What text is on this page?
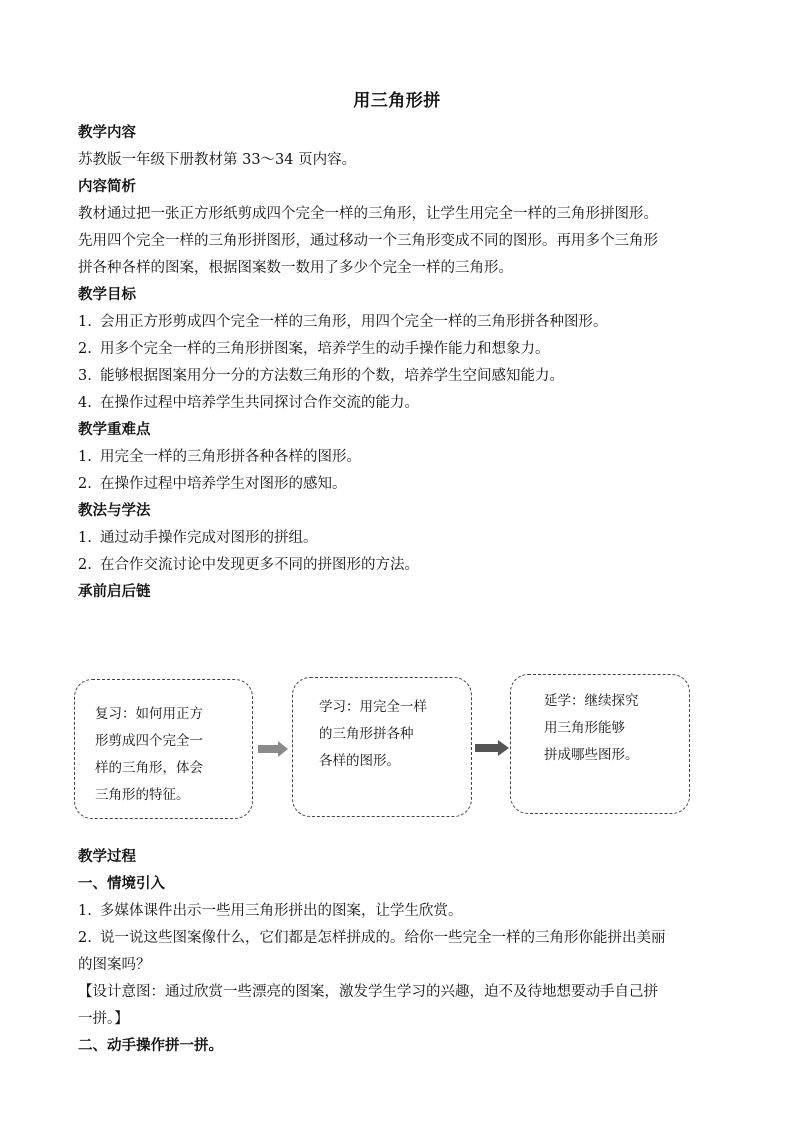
用三角形拼
教学内容
苏教版一年级下册教材第 33～34 页内容。
内容简析
教材通过把一张正方形纸剪成四个完全一样的三角形，让学生用完全一样的三角形拼图形。
先用四个完全一样的三角形拼图形，通过移动一个三角形变成不同的图形。再用多个三角形
拼各种各样的图案，根据图案数一数用了多少个完全一样的三角形。
教学目标
1. 会用正方形剪成四个完全一样的三角形，用四个完全一样的三角形拼各种图形。
2. 用多个完全一样的三角形拼图案，培养学生的动手操作能力和想象力。
3. 能够根据图案用分一分的方法数三角形的个数，培养学生空间感知能力。
4. 在操作过程中培养学生共同探讨合作交流的能力。
教学重难点
1. 用完全一样的三角形拼各种各样的图形。
2. 在操作过程中培养学生对图形的感知。
教法与学法
1. 通过动手操作完成对图形的拼组。
2. 在合作交流讨论中发现更多不同的拼图形的方法。
承前启后链
复习：如何用正方
形剪成四个完全一
样的三角形，体会
三角形的特征。
学习：用完全一样
的三角形拼各种
各样的图形。
延学：继续探究
用三角形能够
拼成哪些图形。
教学过程
一、情境引入
1. 多媒体课件出示一些用三角形拼出的图案，让学生欣赏。
2. 说一说这些图案像什么，它们都是怎样拼成的。给你一些完全一样的三角形你能拼出美丽
的图案吗？
【设计意图：通过欣赏一些漂亮的图案，激发学生学习的兴趣，迫不及待地想要动手自己拼
一拼。】
二、动手操作拼一拼。
